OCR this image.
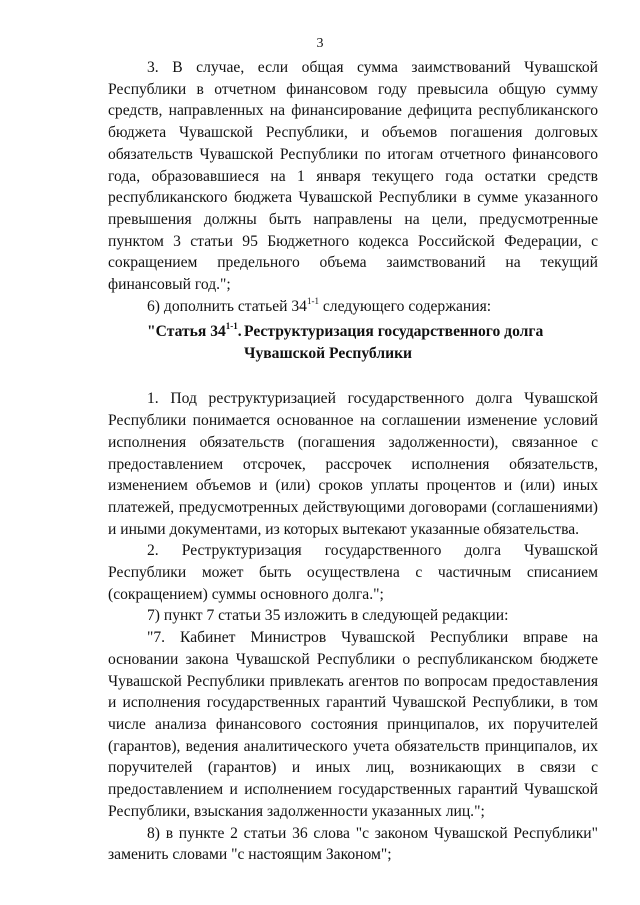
3

3. В случае, если общая сумма заимствований Чувашской Республики в отчетном финансовом году превысила общую сумму средств, направленных на финансирование дефицита республиканского бюджета Чувашской Республики, и объемов погашения долговых обязательств Чувашской Республики по итогам отчетного финансового года, образовавшиеся на 1 января текущего года остатки средств республиканского бюджета Чувашской Республики в сумме указанного превышения должны быть направлены на цели, предусмотренные пунктом 3 статьи 95 Бюджетного кодекса Российской Федерации, с сокращением предельного объема заимствований на текущий финансовый год.";

6) дополнить статьей 34$^{1-1}$ следующего содержания:

"Статья 34$^{1-1}$. Реструктуризация государственного долга Чувашской Республики

1. Под реструктуризацией государственного долга Чувашской Республики понимается основанное на соглашении изменение условий исполнения обязательств (погашения задолженности), связанное с предоставлением отсрочек, рассрочек исполнения обязательств, изменением объемов и (или) сроков уплаты процентов и (или) иных платежей, предусмотренных действующими договорами (соглашениями) и иными документами, из которых вытекают указанные обязательства.

2. Реструктуризация государственного долга Чувашской Республики может быть осуществлена с частичным списанием (сокращением) суммы основного долга.";

7) пункт 7 статьи 35 изложить в следующей редакции:

"7. Кабинет Министров Чувашской Республики вправе на основании закона Чувашской Республики о республиканском бюджете Чувашской Республики привлекать агентов по вопросам предоставления и исполнения государственных гарантий Чувашской Республики, в том числе анализа финансового состояния принципалов, их поручителей (гарантов), ведения аналитического учета обязательств принципалов, их поручителей (гарантов) и иных лиц, возникающих в связи с предоставлением и исполнением государственных гарантий Чувашской Республики, взыскания задолженности указанных лиц.";

8) в пункте 2 статьи 36 слова "с законом Чувашской Республики" заменить словами "с настоящим Законом";
